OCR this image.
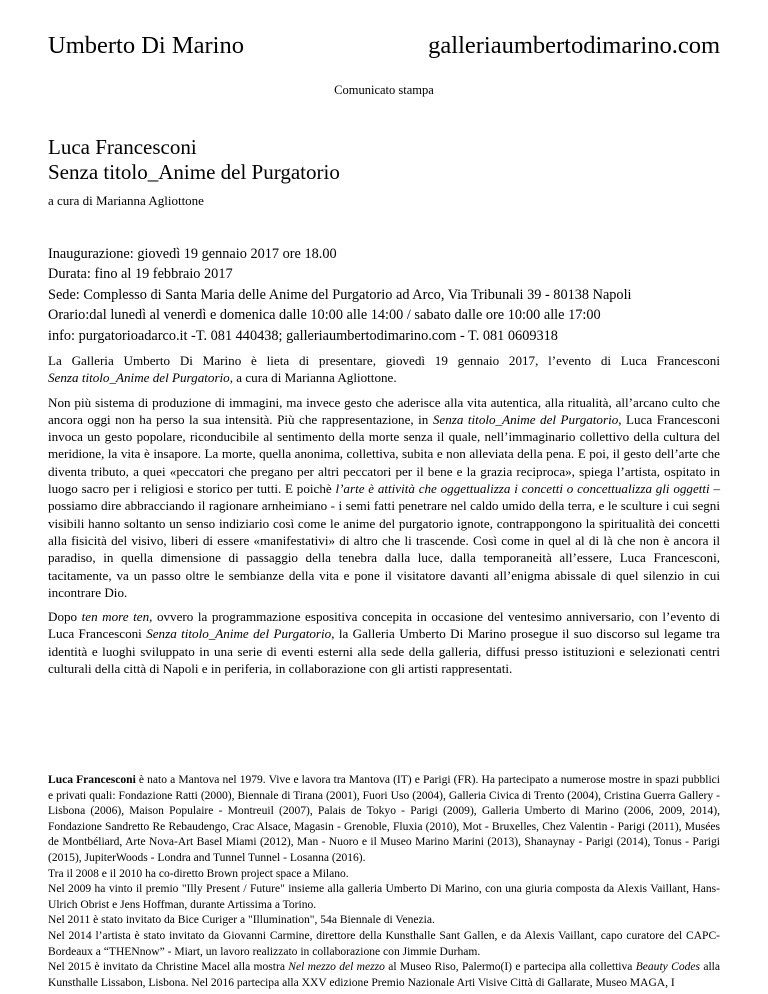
Umberto Di Marino	galleriaumbertodimarino.com
Comunicato stampa
Luca Francesconi
Senza titolo_Anime del Purgatorio
a cura di Marianna Agliottone
Inaugurazione: giovedì 19 gennaio 2017 ore 18.00
Durata: fino al 19 febbraio 2017
Sede: Complesso di Santa Maria delle Anime del Purgatorio ad Arco, Via Tribunali 39 - 80138 Napoli
Orario:dal lunedì al venerdì e domenica dalle 10:00 alle 14:00 / sabato dalle ore 10:00 alle 17:00
info: purgatorioadarco.it -T. 081 440438; galleriaumbertodimarino.com - T. 081 0609318

La Galleria Umberto Di Marino è lieta di presentare, giovedì 19 gennaio 2017, l’evento di Luca Francesconi
Senza titolo_Anime del Purgatorio, a cura di Marianna Agliottone.

Non più sistema di produzione di immagini, ma invece gesto che aderisce alla vita autentica, alla ritualità, all’arcano culto che ancora oggi non ha perso la sua intensità. Più che rappresentazione, in Senza titolo_Anime del Purgatorio, Luca Francesconi invoca un gesto popolare, riconducibile al sentimento della morte senza il quale, nell’immaginario collettivo della cultura del meridione, la vita è insapore. La morte, quella anonima, collettiva, subita e non alleviata della pena. E poi, il gesto dell’arte che diventa tributo, a quei «peccatori che pregano per altri peccatori per il bene e la grazia reciproca», spiega l’artista, ospitato in luogo sacro per i religiosi e storico per tutti. E poichè l’arte è attività che oggettualizza i concetti o concettualizza gli oggetti – possiamo dire abbracciando il ragionare arnheimiano - i semi fatti penetrare nel caldo umido della terra, e le sculture i cui segni visibili hanno soltanto un senso indiziario così come le anime del purgatorio ignote, contrappongono la spiritualità dei concetti alla fisicità del visivo, liberi di essere «manifestativi» di altro che li trascende. Così come in quel al di là che non è ancora il paradiso, in quella dimensione di passaggio della tenebra dalla luce, dalla temporaneità all’essere, Luca Francesconi, tacitamente, va un passo oltre le sembianze della vita e pone il visitatore davanti all’enigma abissale di quel silenzio in cui incontrare Dio.

Dopo ten more ten, ovvero la programmazione espositiva concepita in occasione del ventesimo anniversario, con l’evento di Luca Francesconi Senza titolo_Anime del Purgatorio, la Galleria Umberto Di Marino prosegue il suo discorso sul legame tra identità e luoghi sviluppato in una serie di eventi esterni alla sede della galleria, diffusi presso istituzioni e selezionati centri culturali della città di Napoli e in periferia, in collaborazione con gli artisti rappresentati.

Luca Francesconi è nato a Mantova nel 1979. Vive e lavora tra Mantova (IT) e Parigi (FR). Ha partecipato a numerose mostre in spazi pubblici e privati quali: Fondazione Ratti (2000), Biennale di Tirana (2001), Fuori Uso (2004), Galleria Civica di Trento (2004), Cristina Guerra Gallery - Lisbona (2006), Maison Populaire - Montreuil (2007), Palais de Tokyo - Parigi (2009), Galleria Umberto di Marino (2006, 2009, 2014), Fondazione Sandretto Re Rebaudengo, Crac Alsace, Magasin - Grenoble, Fluxia (2010), Mot - Bruxelles, Chez Valentin - Parigi (2011), Musées de Montbéliard, Arte Nova-Art Basel Miami (2012), Man - Nuoro e il Museo Marino Marini (2013), Shanaynay - Parigi (2014), Tonus - Parigi (2015), JupiterWoods - Londra and Tunnel Tunnel - Losanna (2016).

Tra il 2008 e il 2010 ha co-diretto Brown project space a Milano.

Nel 2009 ha vinto il premio "Illy Present / Future" insieme alla galleria Umberto Di Marino, con una giuria composta da Alexis Vaillant, Hans-Ulrich Obrist e Jens Hoffman, durante Artissima a Torino.

Nel 2011 è stato invitato da Bice Curiger a "Illumination", 54a Biennale di Venezia.

Nel 2014 l’artista è stato invitato da Giovanni Carmine, direttore della Kunsthalle Sant Gallen, e da Alexis Vaillant, capo curatore del CAPC-Bordeaux a “THENnow” - Miart, un lavoro realizzato in collaborazione con Jimmie Durham.

Nel 2015 è invitato da Christine Macel alla mostra Nel mezzo del mezzo al Museo Riso, Palermo(I) e partecipa alla collettiva Beauty Codes alla Kunsthalle Lissabon, Lisbona. Nel 2016 partecipa alla XXV edizione Premio Nazionale Arti Visive Città di Gallarate, Museo MAGA, I
